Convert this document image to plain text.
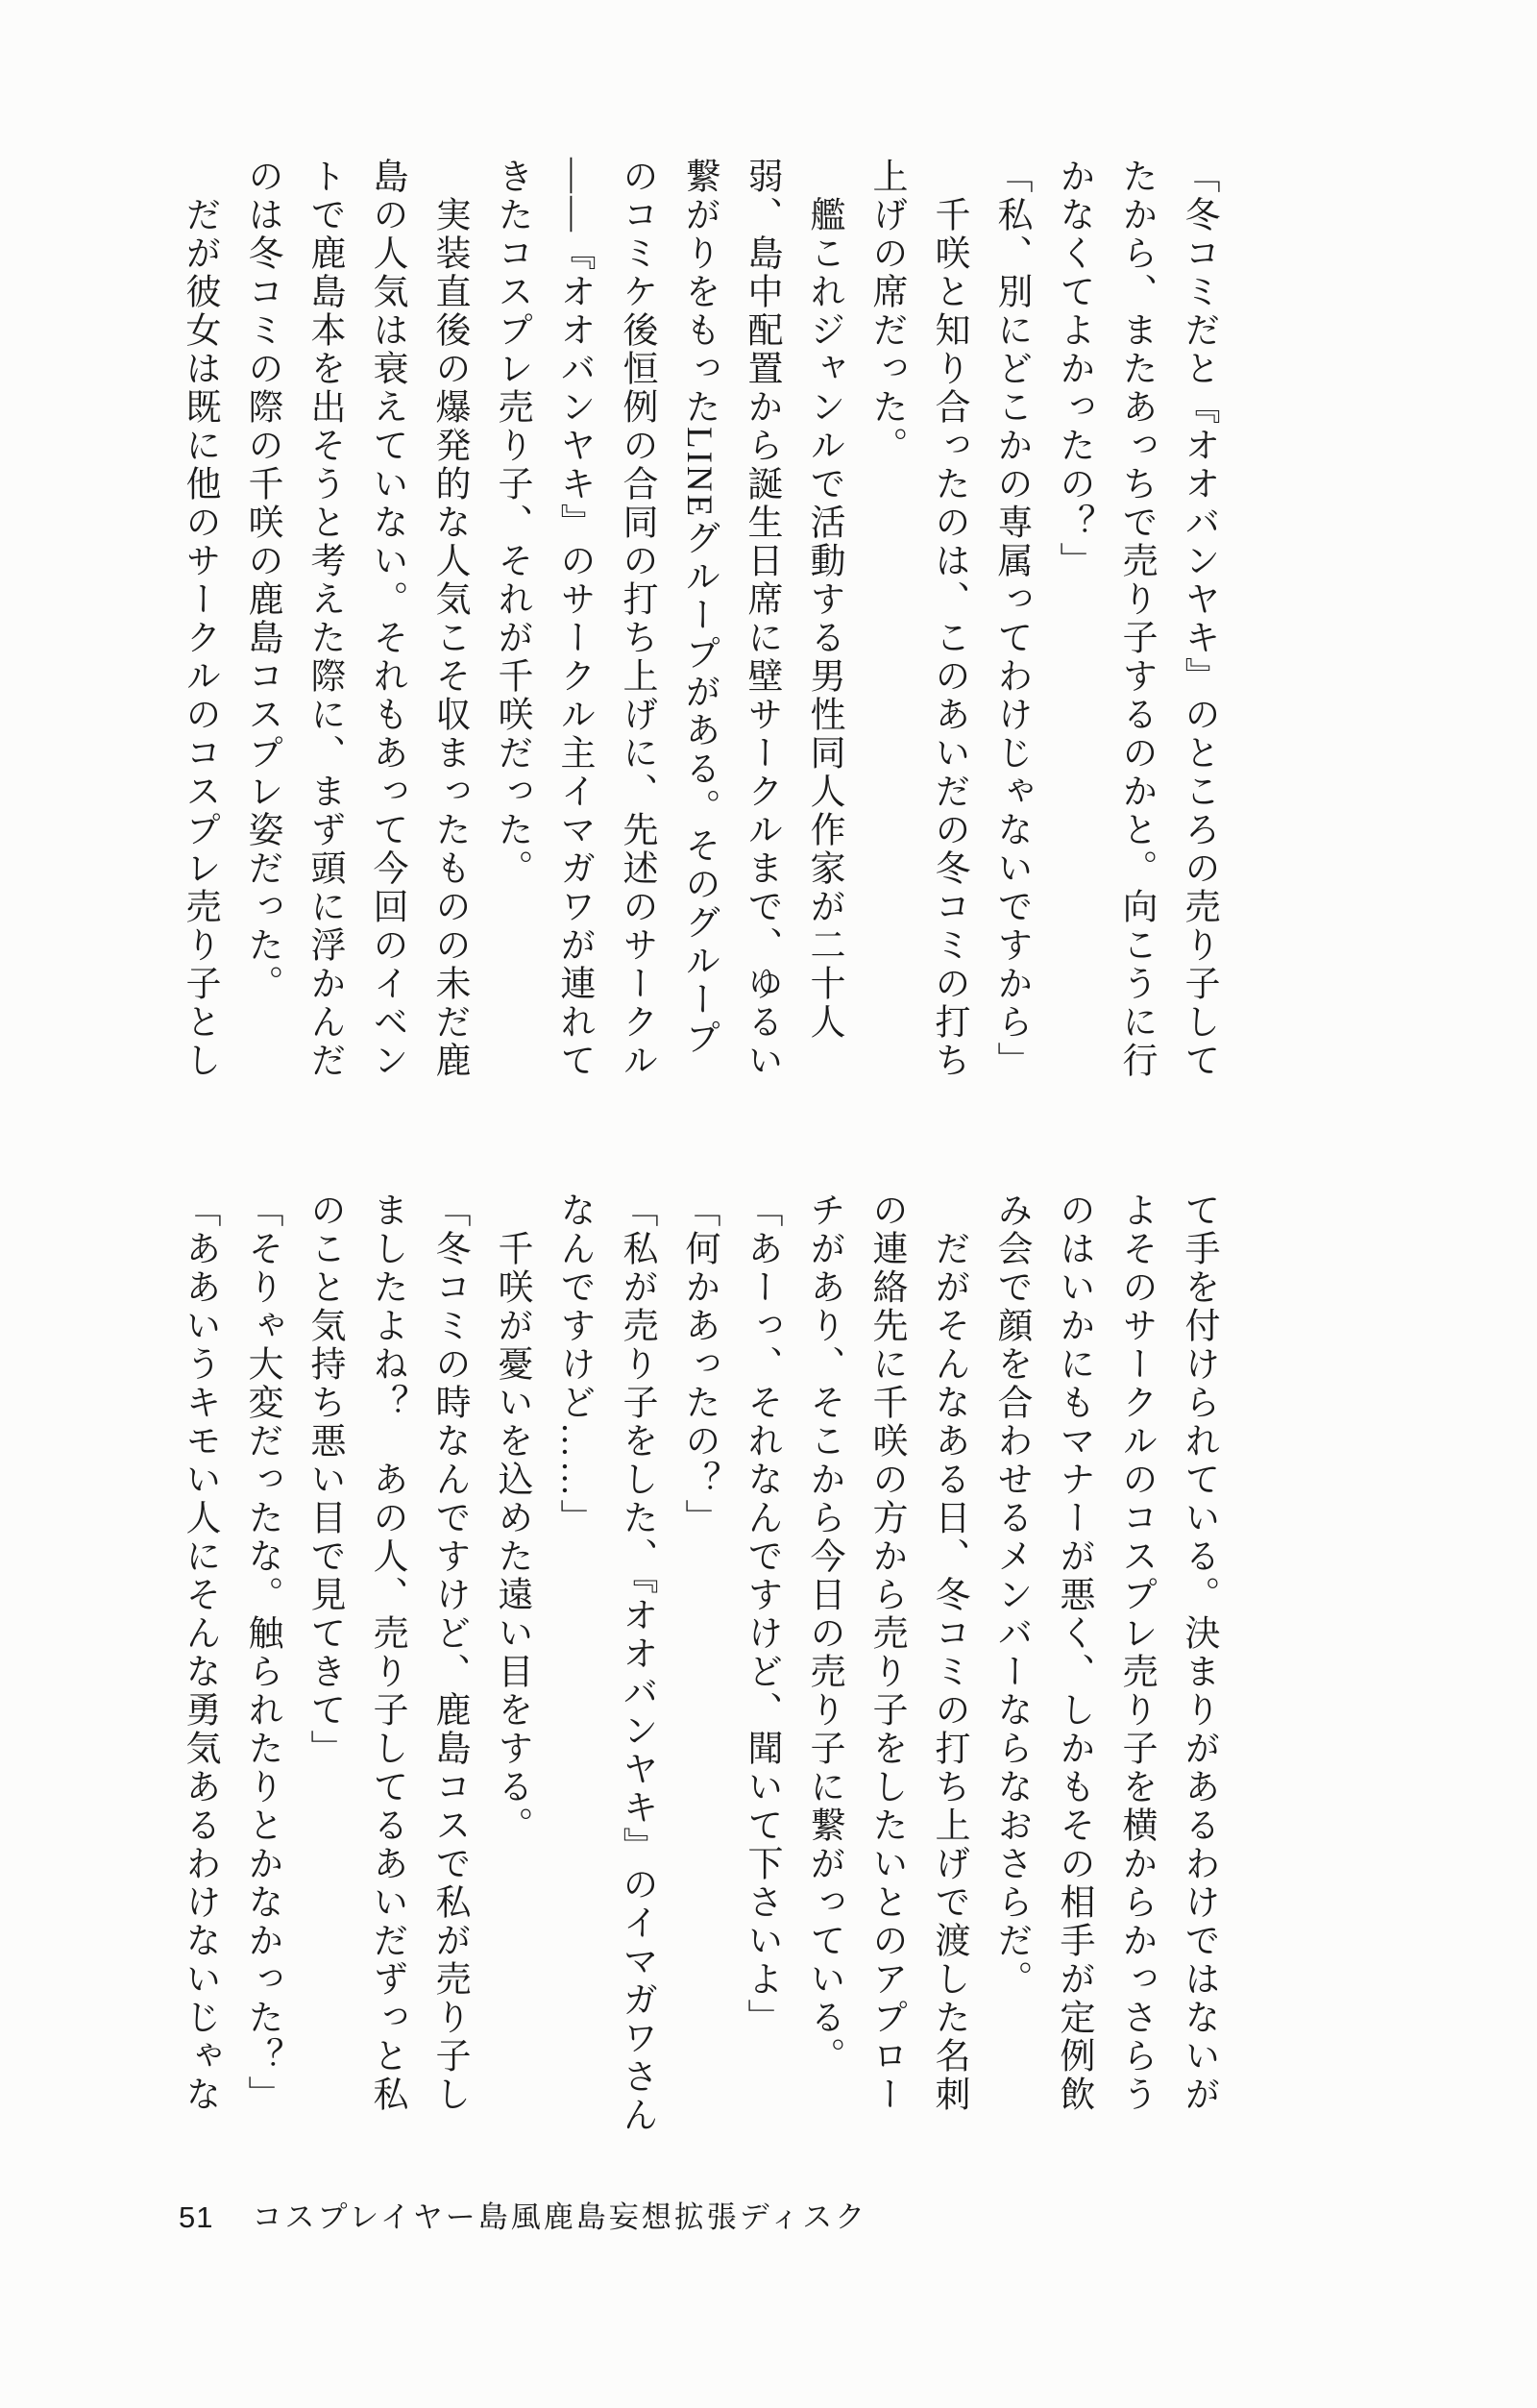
「冬コミだと『オオバンヤキ』のところの売り子して
たから、またあっちで売り子するのかと。向こうに行
かなくてよかったの？」
「私、別にどこかの専属ってわけじゃないですから」
　千咲と知り合ったのは、このあいだの冬コミの打ち
上げの席だった。
　艦これジャンルで活動する男性同人作家が二十人
弱、島中配置から誕生日席に壁サークルまで、ゆるい
繋がりをもったLINEグループがある。そのグループ
のコミケ後恒例の合同の打ち上げに、先述のサークル
――『オオバンヤキ』のサークル主イマガワが連れて
きたコスプレ売り子、それが千咲だった。
　実装直後の爆発的な人気こそ収まったものの未だ鹿
島の人気は衰えていない。それもあって今回のイベン
トで鹿島本を出そうと考えた際に、まず頭に浮かんだ
のは冬コミの際の千咲の鹿島コスプレ姿だった。
　だが彼女は既に他のサークルのコスプレ売り子とし
て手を付けられている。決まりがあるわけではないが
よそのサークルのコスプレ売り子を横からかっさらう
のはいかにもマナーが悪く、しかもその相手が定例飲
み会で顔を合わせるメンバーならなおさらだ。
　だがそんなある日、冬コミの打ち上げで渡した名刺
の連絡先に千咲の方から売り子をしたいとのアプロー
チがあり、そこから今日の売り子に繋がっている。
「あーっ、それなんですけど、聞いて下さいよ」
「何かあったの？」
「私が売り子をした、『オオバンヤキ』のイマガワさん
なんですけど……」
　千咲が憂いを込めた遠い目をする。
「冬コミの時なんですけど、鹿島コスで私が売り子し
ましたよね？　あの人、売り子してるあいだずっと私
のこと気持ち悪い目で見てきて」
「そりゃ大変だったな。触られたりとかなかった？」
「ああいうキモい人にそんな勇気あるわけないじゃな
51 コスプレイヤー島風鹿島妄想拡張ディスク
